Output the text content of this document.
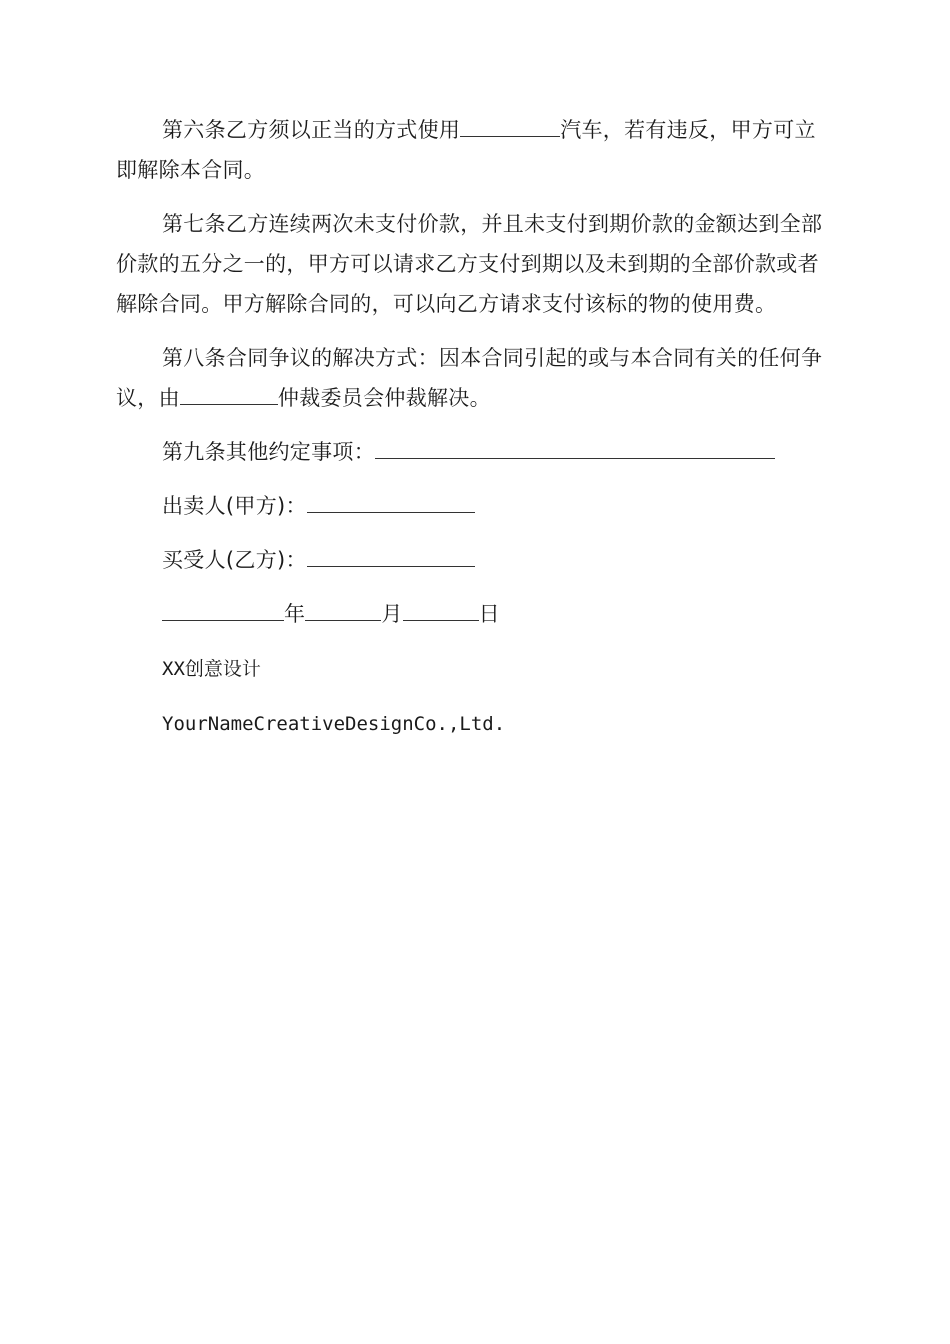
第六条乙方须以正当的方式使用	汽车，若有违反，甲方可立即解除本合同。

第七条乙方连续两次未支付价款，并且未支付到期价款的金额达到全部价款的五分之一的，甲方可以请求乙方支付到期以及未到期的全部价款或者解除合同。甲方解除合同的，可以向乙方请求支付该标的物的使用费。

第八条合同争议的解决方式：因本合同引起的或与本合同有关的任何争议，由	仲裁委员会仲裁解决。

第九条其他约定事项：

出卖人(甲方)：

买受人(乙方)：

年	月	日

XX创意设计

YourNameCreativeDesignCo.,Ltd.
